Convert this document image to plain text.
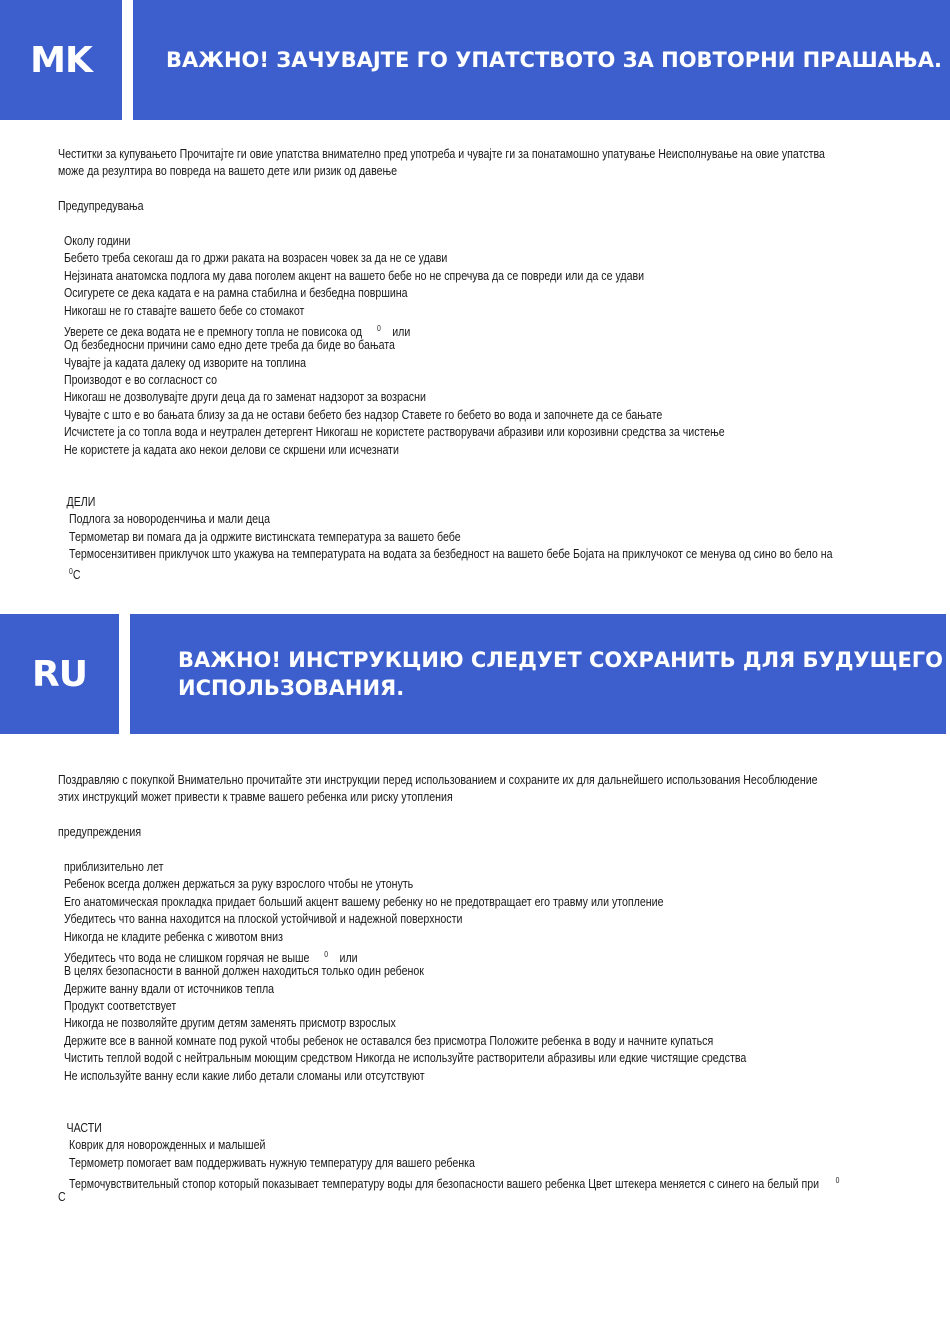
MK	ВАЖНО! ЗАЧУВАЈТЕ ГО УПАТСТВОТО ЗА ПОВТОРНИ ПРАШАЊА.
Честитки за купувањето Прочитајте ги овие упатства внимателно пред употреба и чувајте ги за понатамошно упатување Неисполнување на овие упатства
може да резултира во повреда на вашето дете или ризик од давење
Предупредувања
Околу години
Бебето треба секогаш да го држи раката на возрасен човек за да не се удави
Нејзината анатомска подлога му дава поголем акцент на вашето бебе но не спречува да се повреди или да се удави
Осигурете се дека кадата е на рамна стабилна и безбедна површина
Никогаш не го ставајте вашето бебе со стомакот
Уверете се дека водата не е премногу топла не повисока од $^0$ или
Од безбедносни причини само едно дете треба да биде во бањата
Чувајте ја кадата далеку од изворите на топлина
Производот е во согласност со
Никогаш не дозволувајте други деца да го заменат надзорот за возрасни
Чувајте с што е во бањата близу за да не остави бебето без надзор Ставете го бебето во вода и започнете да се бањате
Исчистете ја со топла вода и неутрален детергент Никогаш не користете растворувачи абразиви или корозивни средства за чистење
Не користете ја кадата ако некои делови се скршени или исчезнати
ДЕЛИ
Подлога за новороденчиња и мали деца
Термометар ви помага да ја одржите вистинската температура за вашето бебе
Термосензитивен приклучок што укажува на температурата на водата за безбедност на вашето бебе Бојата на приклучокот се менува од сино во бело на
$^0$C
RU	ВАЖНО! ИНСТРУКЦИЮ СЛЕДУЕТ СОХРАНИТЬ ДЛЯ БУДУЩЕГО
ИСПОЛЬЗОВАНИЯ.
Поздравляю с покупкой Внимательно прочитайте эти инструкции перед использованием и сохраните их для дальнейшего использования Несоблюдение
этих инструкций может привести к травме вашего ребенка или риску утопления
предупреждения
приблизительно лет
Ребенок всегда должен держаться за руку взрослого чтобы не утонуть
Его анатомическая прокладка придает больший акцент вашему ребенку но не предотвращает его травму или утопление
Убедитесь что ванна находится на плоской устойчивой и надежной поверхности
Никогда не кладите ребенка с животом вниз
Убедитесь что вода не слишком горячая не выше $^0$ или
В целях безопасности в ванной должен находиться только один ребенок
Держите ванну вдали от источников тепла
Продукт соответствует
Никогда не позволяйте другим детям заменять присмотр взрослых
Держите все в ванной комнате под рукой чтобы ребенок не оставался без присмотра Положите ребенка в воду и начните купаться
Чистить теплой водой с нейтральным моющим средством Никогда не используйте растворители абразивы или едкие чистящие средства
Не используйте ванну если какие либо детали сломаны или отсутствуют
ЧАСТИ
Коврик для новорожденных и малышей
Термометр помогает вам поддерживать нужную температуру для вашего ребенка
Термочувствительный стопор который показывает температуру воды для безопасности вашего ребенка Цвет штекера меняется с синего на белый при $^0$
C
